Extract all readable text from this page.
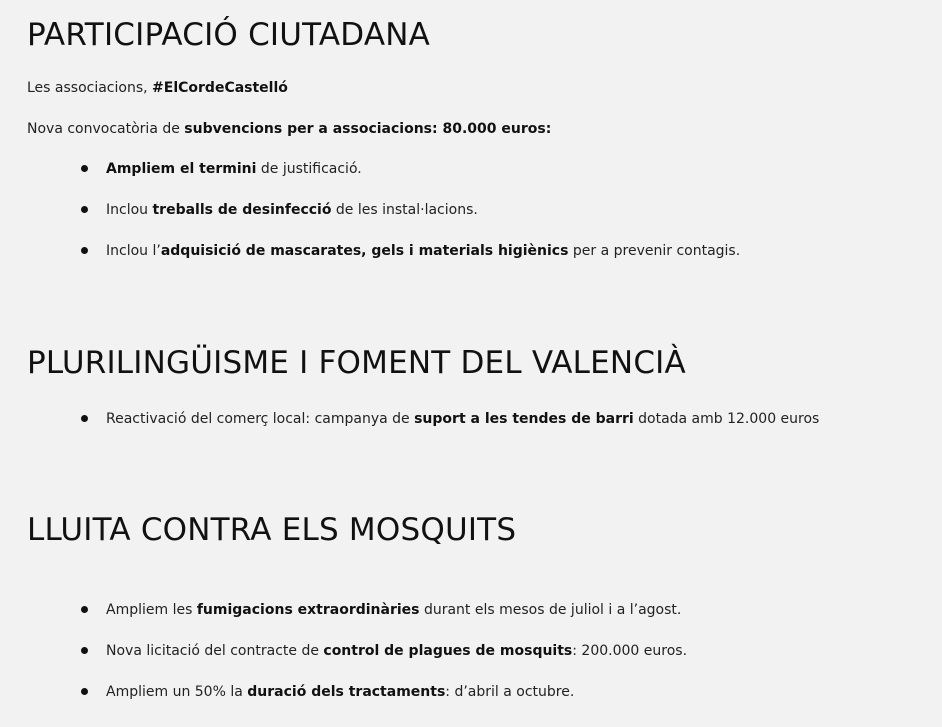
PARTICIPACIÓ CIUTADANA

Les associacions, #ElCordeCastelló

Nova convocatòria de subvencions per a associacions: 80.000 euros:

Ampliem el termini de justificació.
Inclou treballs de desinfecció de les instal·lacions.
Inclou l’adquisició de mascarates, gels i materials higiènics per a prevenir contagis.
PLURILINGÜISME I FOMENT DEL VALENCIÀ
Reactivació del comerç local: campanya de suport a les tendes de barri dotada amb 12.000 euros
LLUITA CONTRA ELS MOSQUITS
Ampliem les fumigacions extraordinàries durant els mesos de juliol i a l’agost.
Nova licitació del contracte de control de plagues de mosquits: 200.000 euros.
Ampliem un 50% la duració dels tractaments: d’abril a octubre.
